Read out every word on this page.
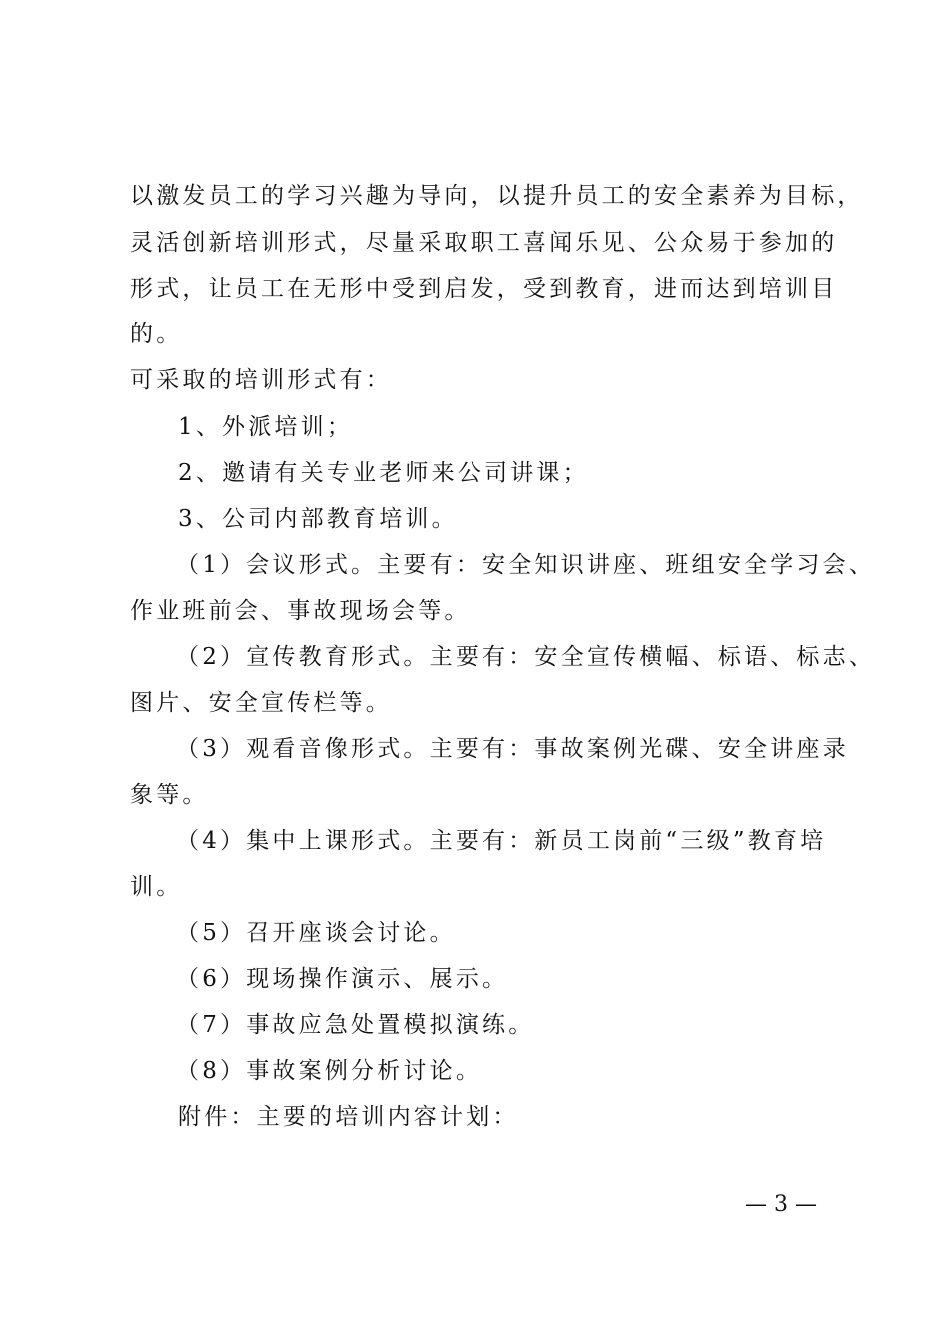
以激发员工的学习兴趣为导向，以提升员工的安全素养为目标，
灵活创新培训形式，尽量采取职工喜闻乐见、公众易于参加的
形式，让员工在无形中受到启发，受到教育，进而达到培训目
的。
可采取的培训形式有：
1、外派培训；
2、邀请有关专业老师来公司讲课；
3、公司内部教育培训。
（1）会议形式。主要有：安全知识讲座、班组安全学习会、
作业班前会、事故现场会等。
（2）宣传教育形式。主要有：安全宣传横幅、标语、标志、
图片、安全宣传栏等。
（3）观看音像形式。主要有：事故案例光碟、安全讲座录
象等。
（4）集中上课形式。主要有：新员工岗前“三级”教育培
训。
（5）召开座谈会讨论。
（6）现场操作演示、展示。
（7）事故应急处置模拟演练。
（8）事故案例分析讨论。
附件：主要的培训内容计划：
— 3 —
